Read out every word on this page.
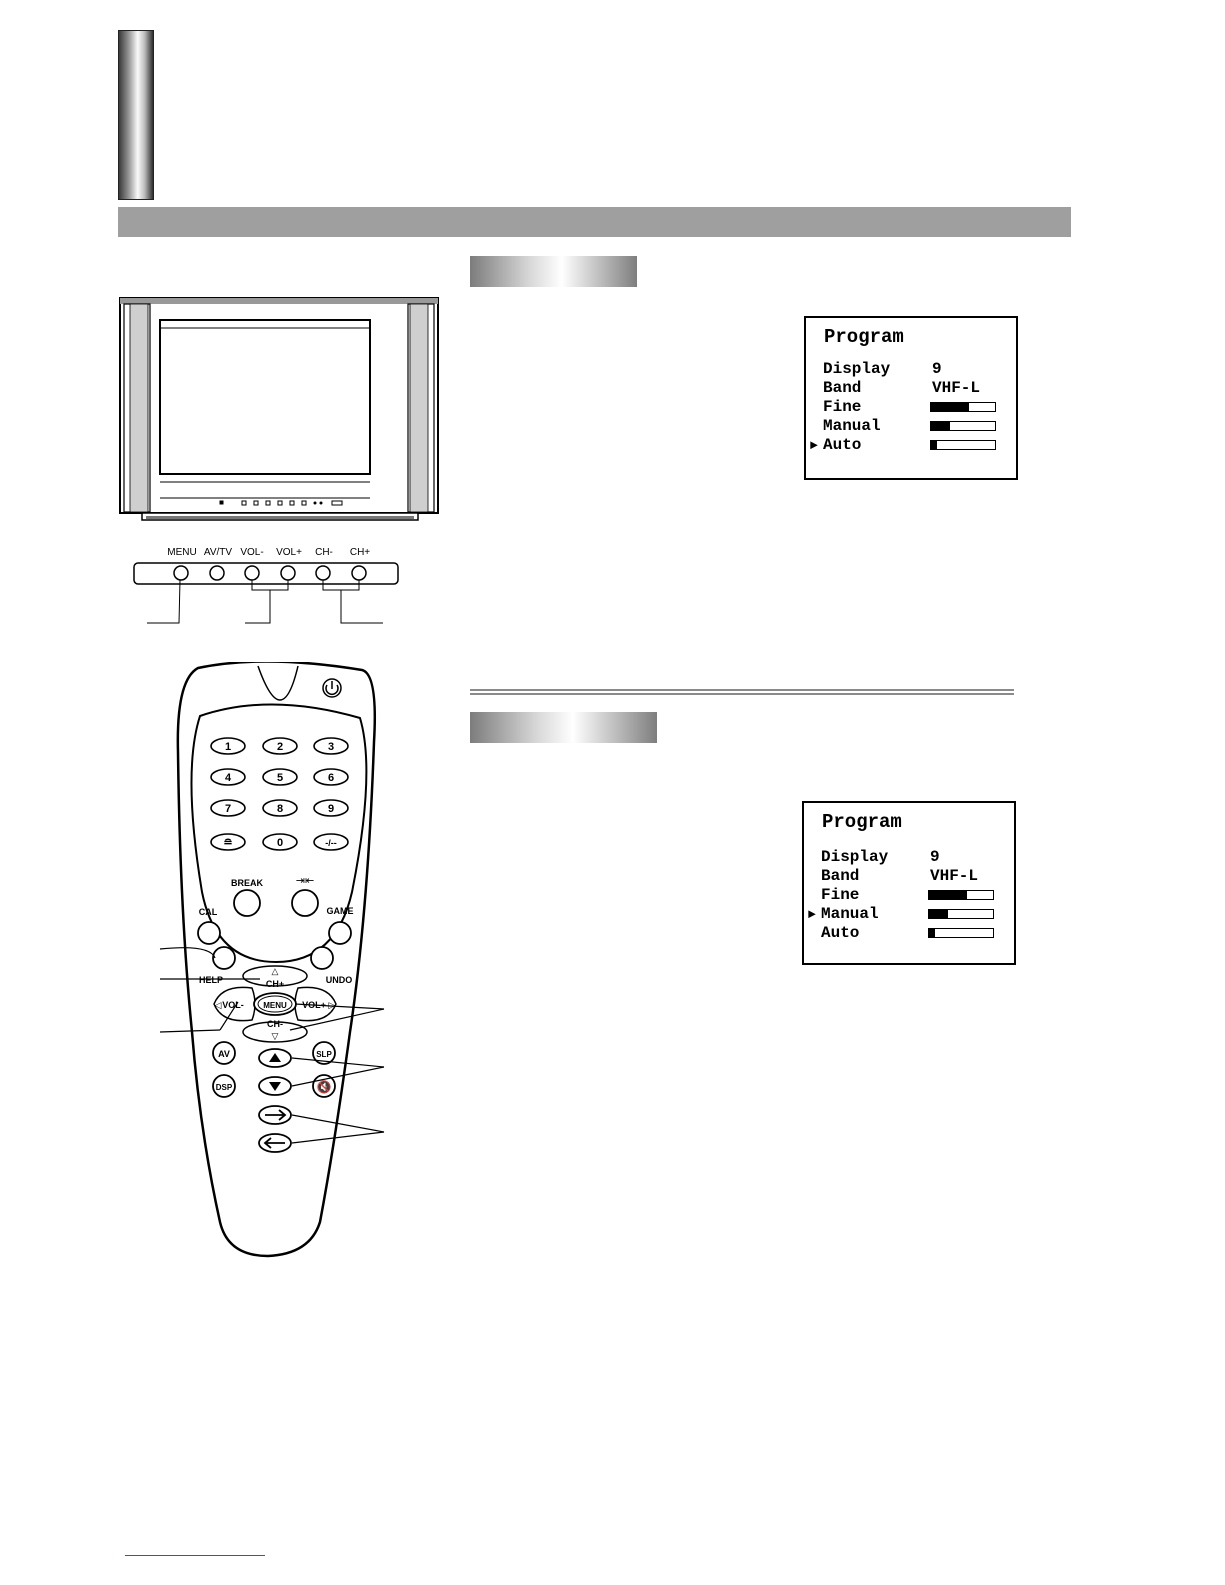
Program
Display	9
Band	VHF-L
Fine
Manual
► Auto
Program
Display	9
Band	VHF-L
Fine
► Manual
Auto
MENU AV/TV VOL- VOL+ CH- CH+
1	2	3
4	5	6
7	8	9
≘	0	-/--
BREAK	⇥⇤
CAL	GAME
HELP	UNDO
△
CH+
CH-
▽
VOL-
◁	VOL+ ▷
MENU
AV
DSP
SLP
🔇
